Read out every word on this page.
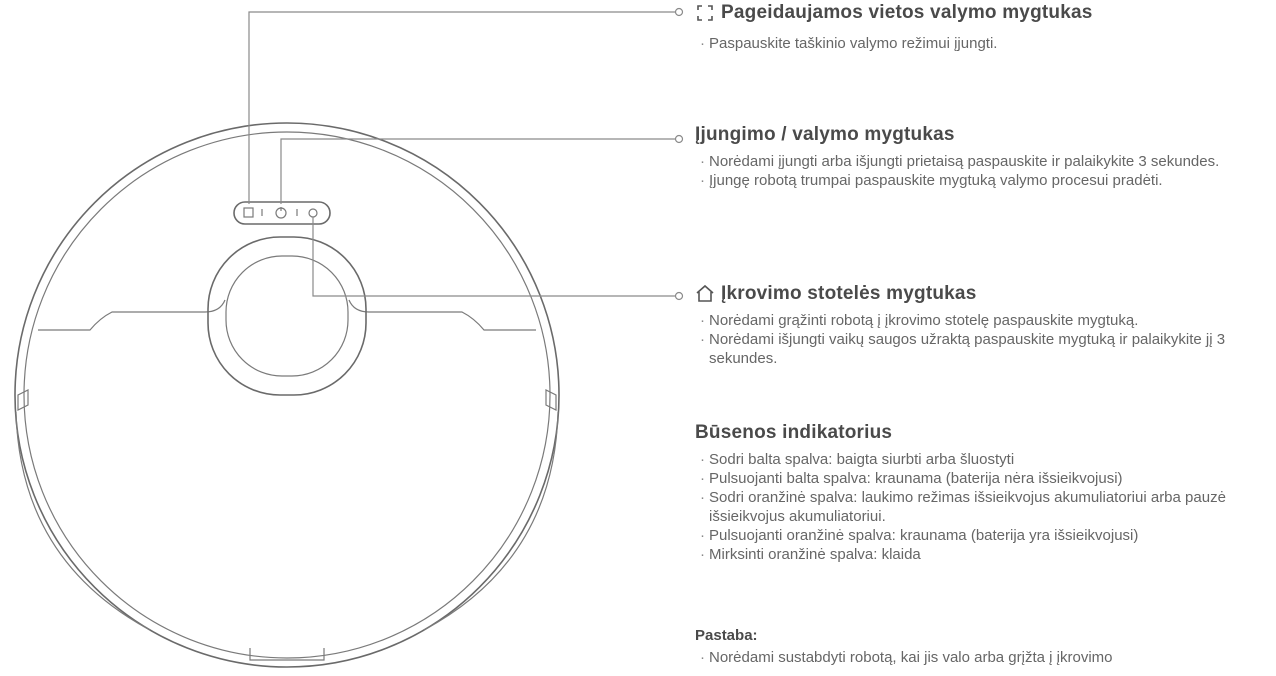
Pageidaujamos vietos valymo mygtukas
· Paspauskite taškinio valymo režimui įjungti.
Įjungimo / valymo mygtukas
· Norėdami įjungti arba išjungti prietaisą paspauskite ir palaikykite 3 sekundes.
· Įjungę robotą trumpai paspauskite mygtuką valymo procesui pradėti.
Įkrovimo stotelės mygtukas
· Norėdami grąžinti robotą į įkrovimo stotelę paspauskite mygtuką.
· Norėdami išjungti vaikų saugos užraktą paspauskite mygtuką ir palaikykite jį 3 sekundes.
Būsenos indikatorius
· Sodri balta spalva: baigta siurbti arba šluostyti
· Pulsuojanti balta spalva: kraunama (baterija nėra išsieikvojusi)
· Sodri oranžinė spalva: laukimo režimas išsieikvojus akumuliatoriui arba pauzė išsieikvojus akumuliatoriui.
· Pulsuojanti oranžinė spalva: kraunama (baterija yra išsieikvojusi)
· Mirksinti oranžinė spalva: klaida
Pastaba:
· Norėdami sustabdyti robotą, kai jis valo arba grįžta į įkrovimo
